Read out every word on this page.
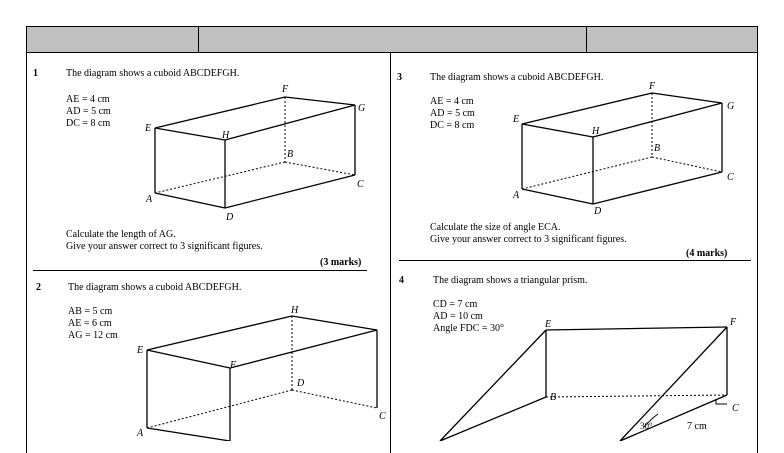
1	The diagram shows a cuboid ABCDEFGH.
AE = 4 cm
AD = 5 cm
DC = 8 cm
A
B
C
D
E
F
G
H
Calculate the length of AG.
Give your answer correct to 3 significant figures.
(3 marks)
2	The diagram shows a cuboid ABCDEFGH.
AB = 5 cm
AE = 6 cm
AG = 12 cm
A
C
D
E
F
H
3	The diagram shows a cuboid ABCDEFGH.
AE = 4 cm
AD = 5 cm
DC = 8 cm
A
B
C
D
E
F
G
H
Calculate the size of angle ECA.
Give your answer correct to 3 significant figures.
(4 marks)
4	The diagram shows a triangular prism.
CD = 7 cm
AD = 10 cm
Angle FDC = 30°	E	F
B
C
30°	7 cm
